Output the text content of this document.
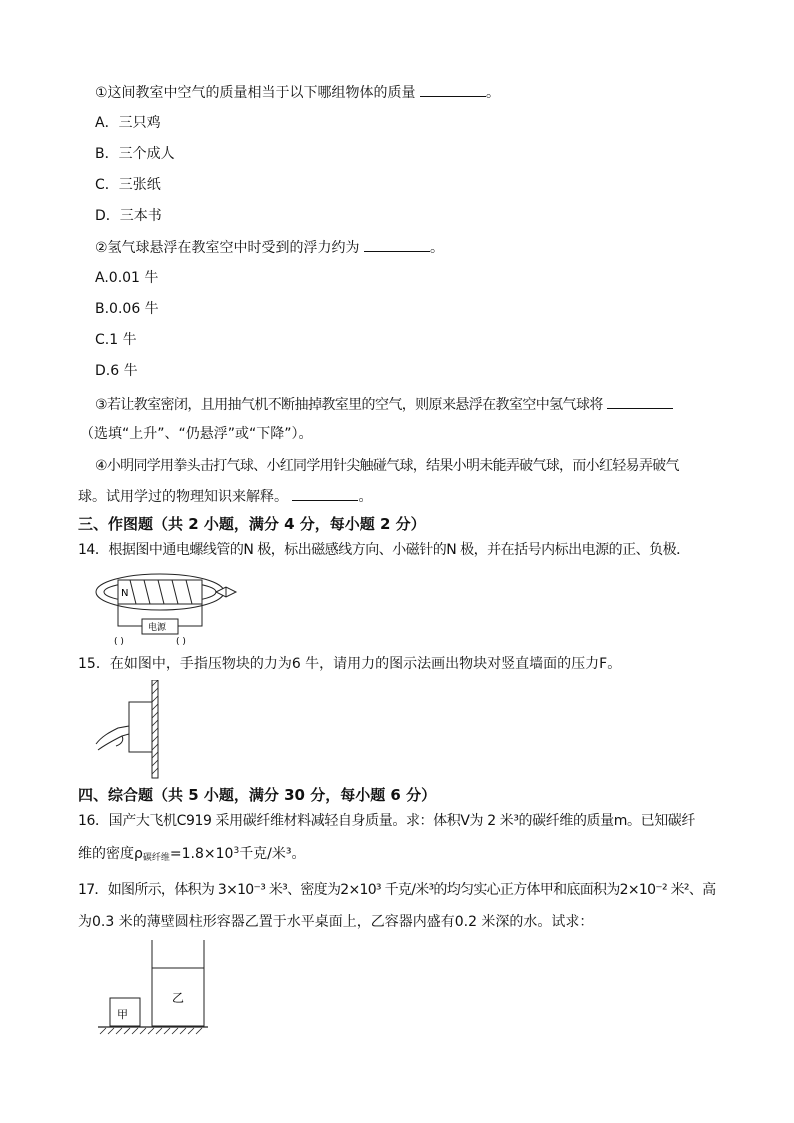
①这间教室中空气的质量相当于以下哪组物体的质量	。
A．三只鸡
B．三个成人
C．三张纸
D．三本书
②氢气球悬浮在教室空中时受到的浮力约为	。
A.0.01 牛
B.0.06 牛
C.1 牛
D.6 牛
③若让教室密闭，且用抽气机不断抽掉教室里的空气，则原来悬浮在教室空中氢气球将
（选填“上升”、“仍悬浮”或“下降”）。
④小明同学用拳头击打气球、小红同学用针尖触碰气球，结果小明未能弄破气球，而小红轻易弄破气
球。试用学过的物理知识来解释。	。
三、作图题（共 2 小题，满分 4 分，每小题 2 分）
14．根据图中通电螺线管的N 极，标出磁感线方向、小磁针的N 极，并在括号内标出电源的正、负极．
N
电源
( )	( )
15．在如图中，手指压物块的力为6 牛，请用力的图示法画出物块对竖直墙面的压力F。
四、综合题（共 5 小题，满分 30 分，每小题 6 分）
16．国产大飞机C919 采用碳纤维材料减轻自身质量。求：体积V为 2 米³的碳纤维的质量m。已知碳纤
维的密度$\rho_{碳纤维}=1.8\times 10^3$千克/米³。
17．如图所示，体积为 3×10⁻³ 米³、密度为2×10³ 千克/米³的均匀实心正方体甲和底面积为2×10⁻² 米²、高
为0.3 米的薄壁圆柱形容器乙置于水平桌面上，乙容器内盛有0.2 米深的水。试求：
甲
乙
